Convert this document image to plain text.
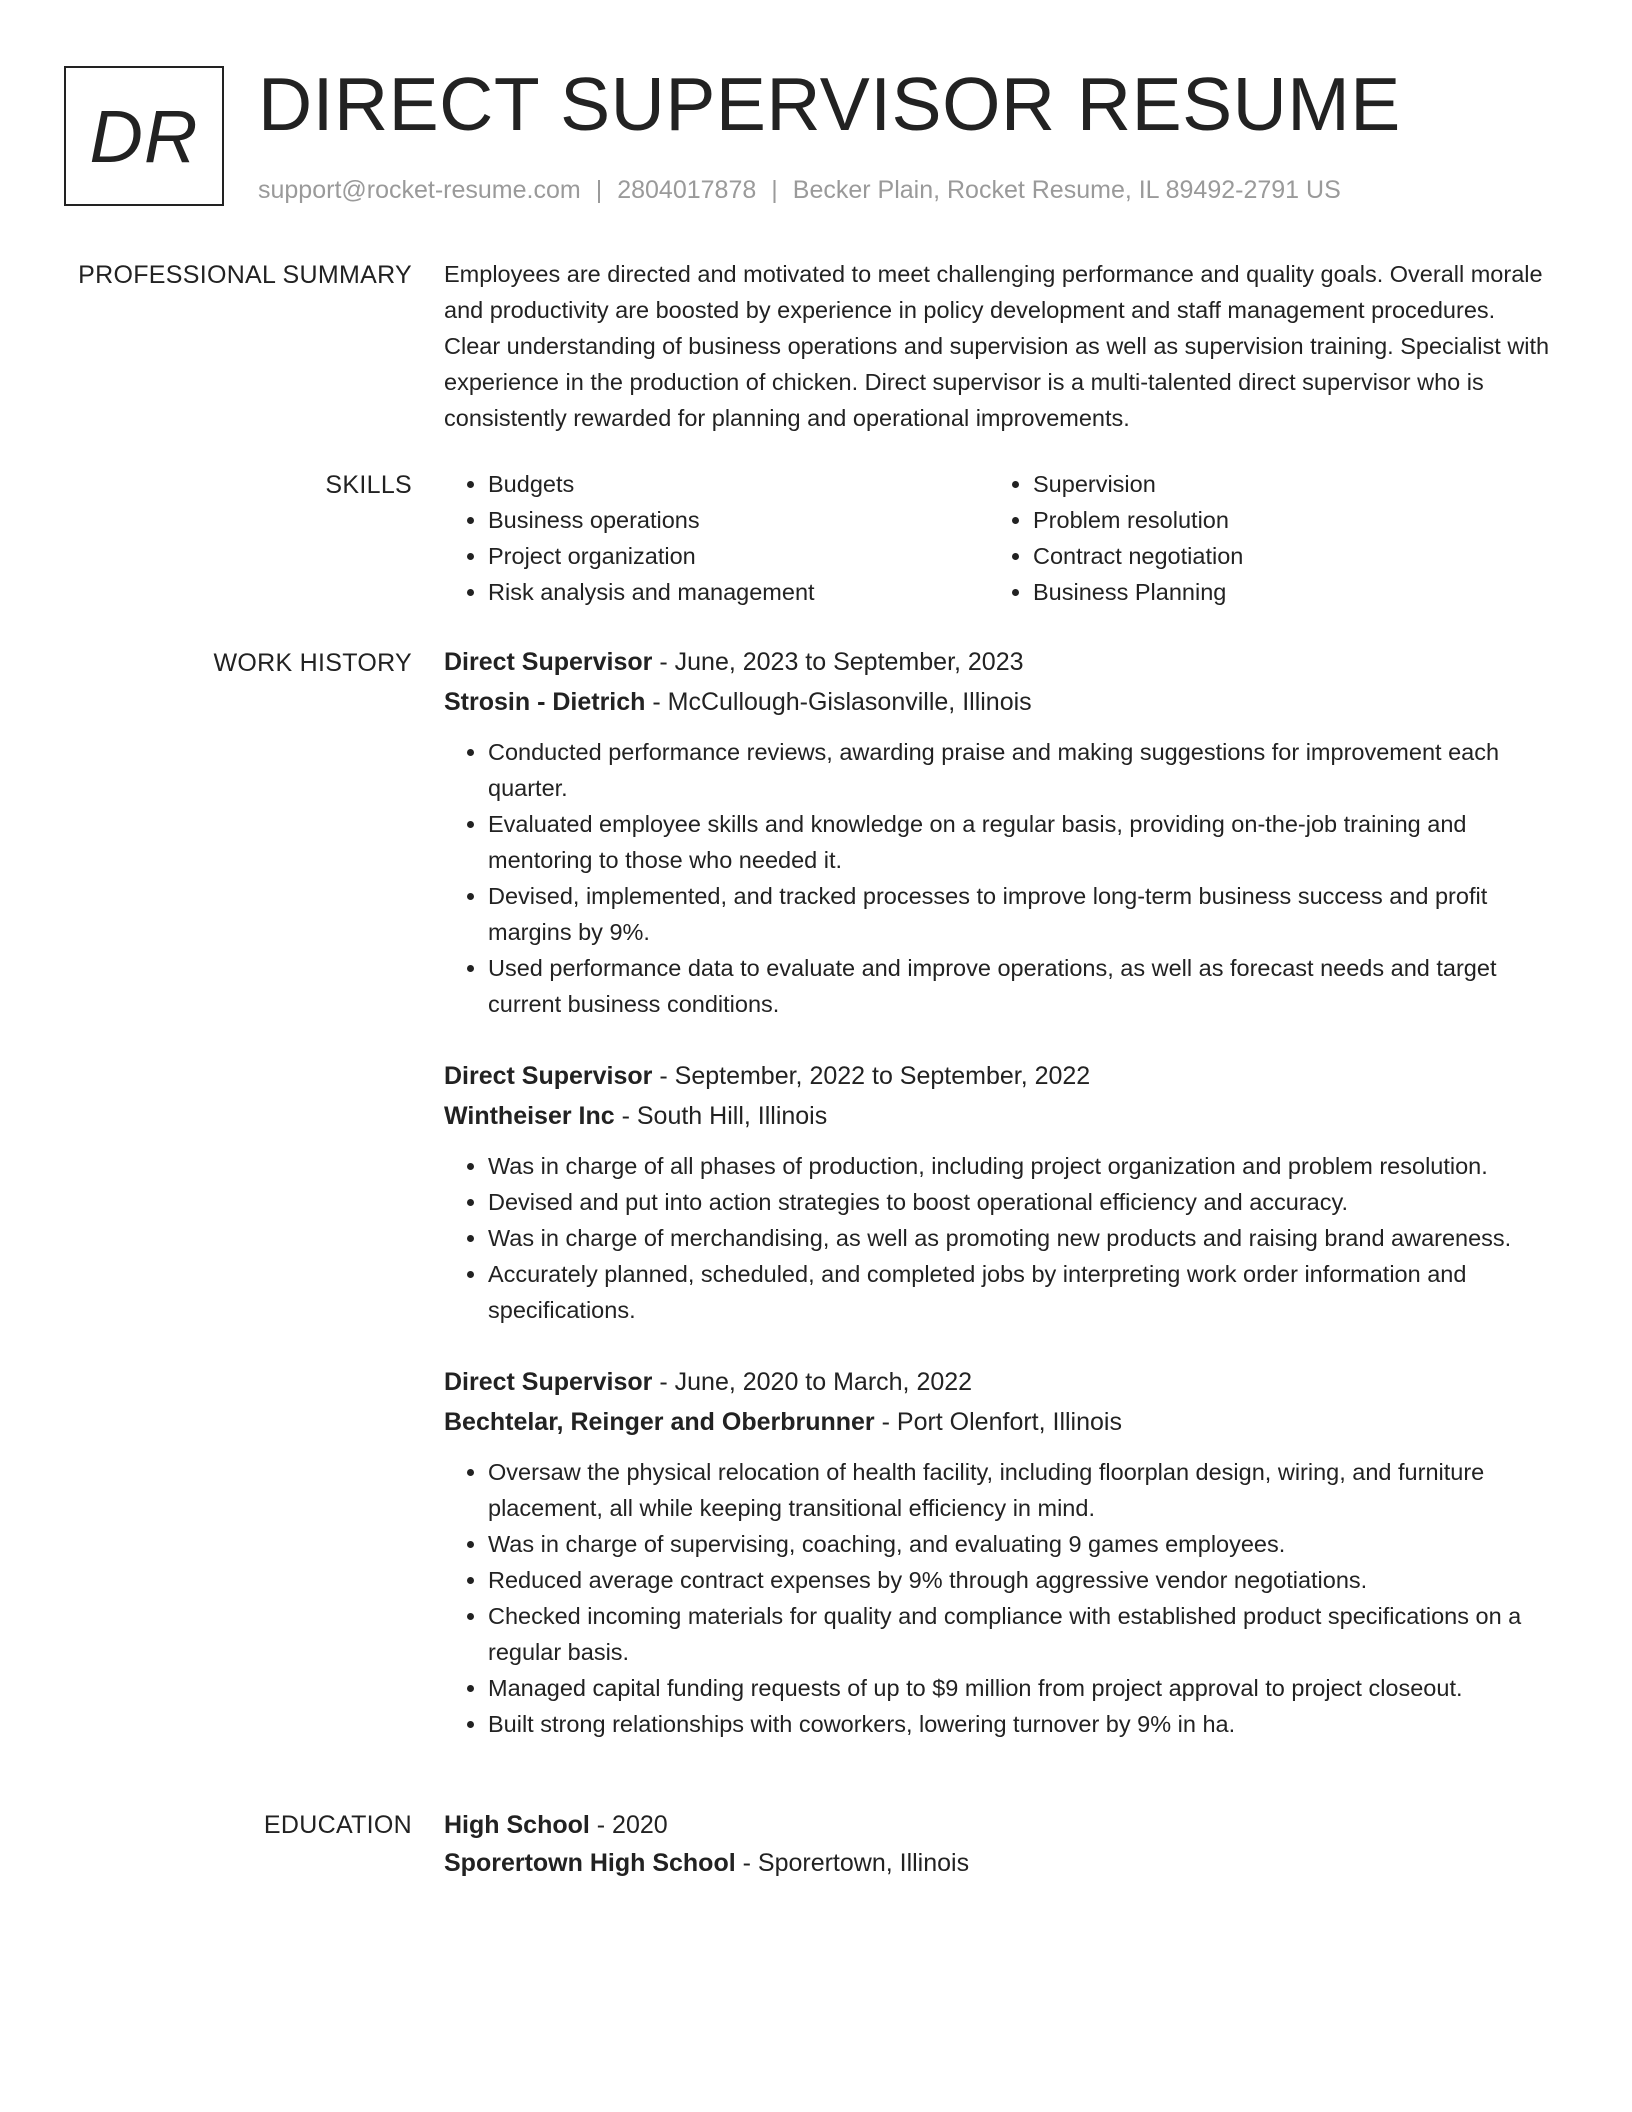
DR DIRECT SUPERVISOR RESUME
support@rocket-resume.com | 2804017878 | Becker Plain, Rocket Resume, IL 89492-2791 US
PROFESSIONAL SUMMARY Employees are directed and motivated to meet challenging performance and quality goals. Overall morale and productivity are boosted by experience in policy development and staff management procedures. Clear understanding of business operations and supervision as well as supervision training. Specialist with experience in the production of chicken. Direct supervisor is a multi-talented direct supervisor who is consistently rewarded for planning and operational improvements.

SKILLS
•	Budgets
• Business operations
• Project organization
• Risk analysis and management
• Supervision
• Problem resolution
• Contract negotiation
• Business Planning
WORK HISTORY Direct Supervisor - June, 2023 to September, 2023
Strosin - Dietrich - McCullough-Gislasonville, Illinois
• Conducted performance reviews, awarding praise and making suggestions for improvement each quarter.
• Evaluated employee skills and knowledge on a regular basis, providing on-the-job training and mentoring to those who needed it.
• Devised, implemented, and tracked processes to improve long-term business success and profit margins by 9%.
• Used performance data to evaluate and improve operations, as well as forecast needs and target current business conditions.
Direct Supervisor - September, 2022 to September, 2022
Wintheiser Inc - South Hill, Illinois
• Was in charge of all phases of production, including project organization and problem resolution.
• Devised and put into action strategies to boost operational efficiency and accuracy.
• Was in charge of merchandising, as well as promoting new products and raising brand awareness.
• Accurately planned, scheduled, and completed jobs by interpreting work order information and specifications.
Direct Supervisor - June, 2020 to March, 2022
Bechtelar, Reinger and Oberbrunner - Port Olenfort, Illinois
• Oversaw the physical relocation of health facility, including floorplan design, wiring, and furniture placement, all while keeping transitional efficiency in mind.
• Was in charge of supervising, coaching, and evaluating 9 games employees.
• Reduced average contract expenses by 9% through aggressive vendor negotiations.
• Checked incoming materials for quality and compliance with established product specifications on a regular basis.
• Managed capital funding requests of up to $9 million from project approval to project closeout.
• Built strong relationships with coworkers, lowering turnover by 9% in ha.
EDUCATION High School - 2020
Sporertown High School - Sporertown, Illinois
